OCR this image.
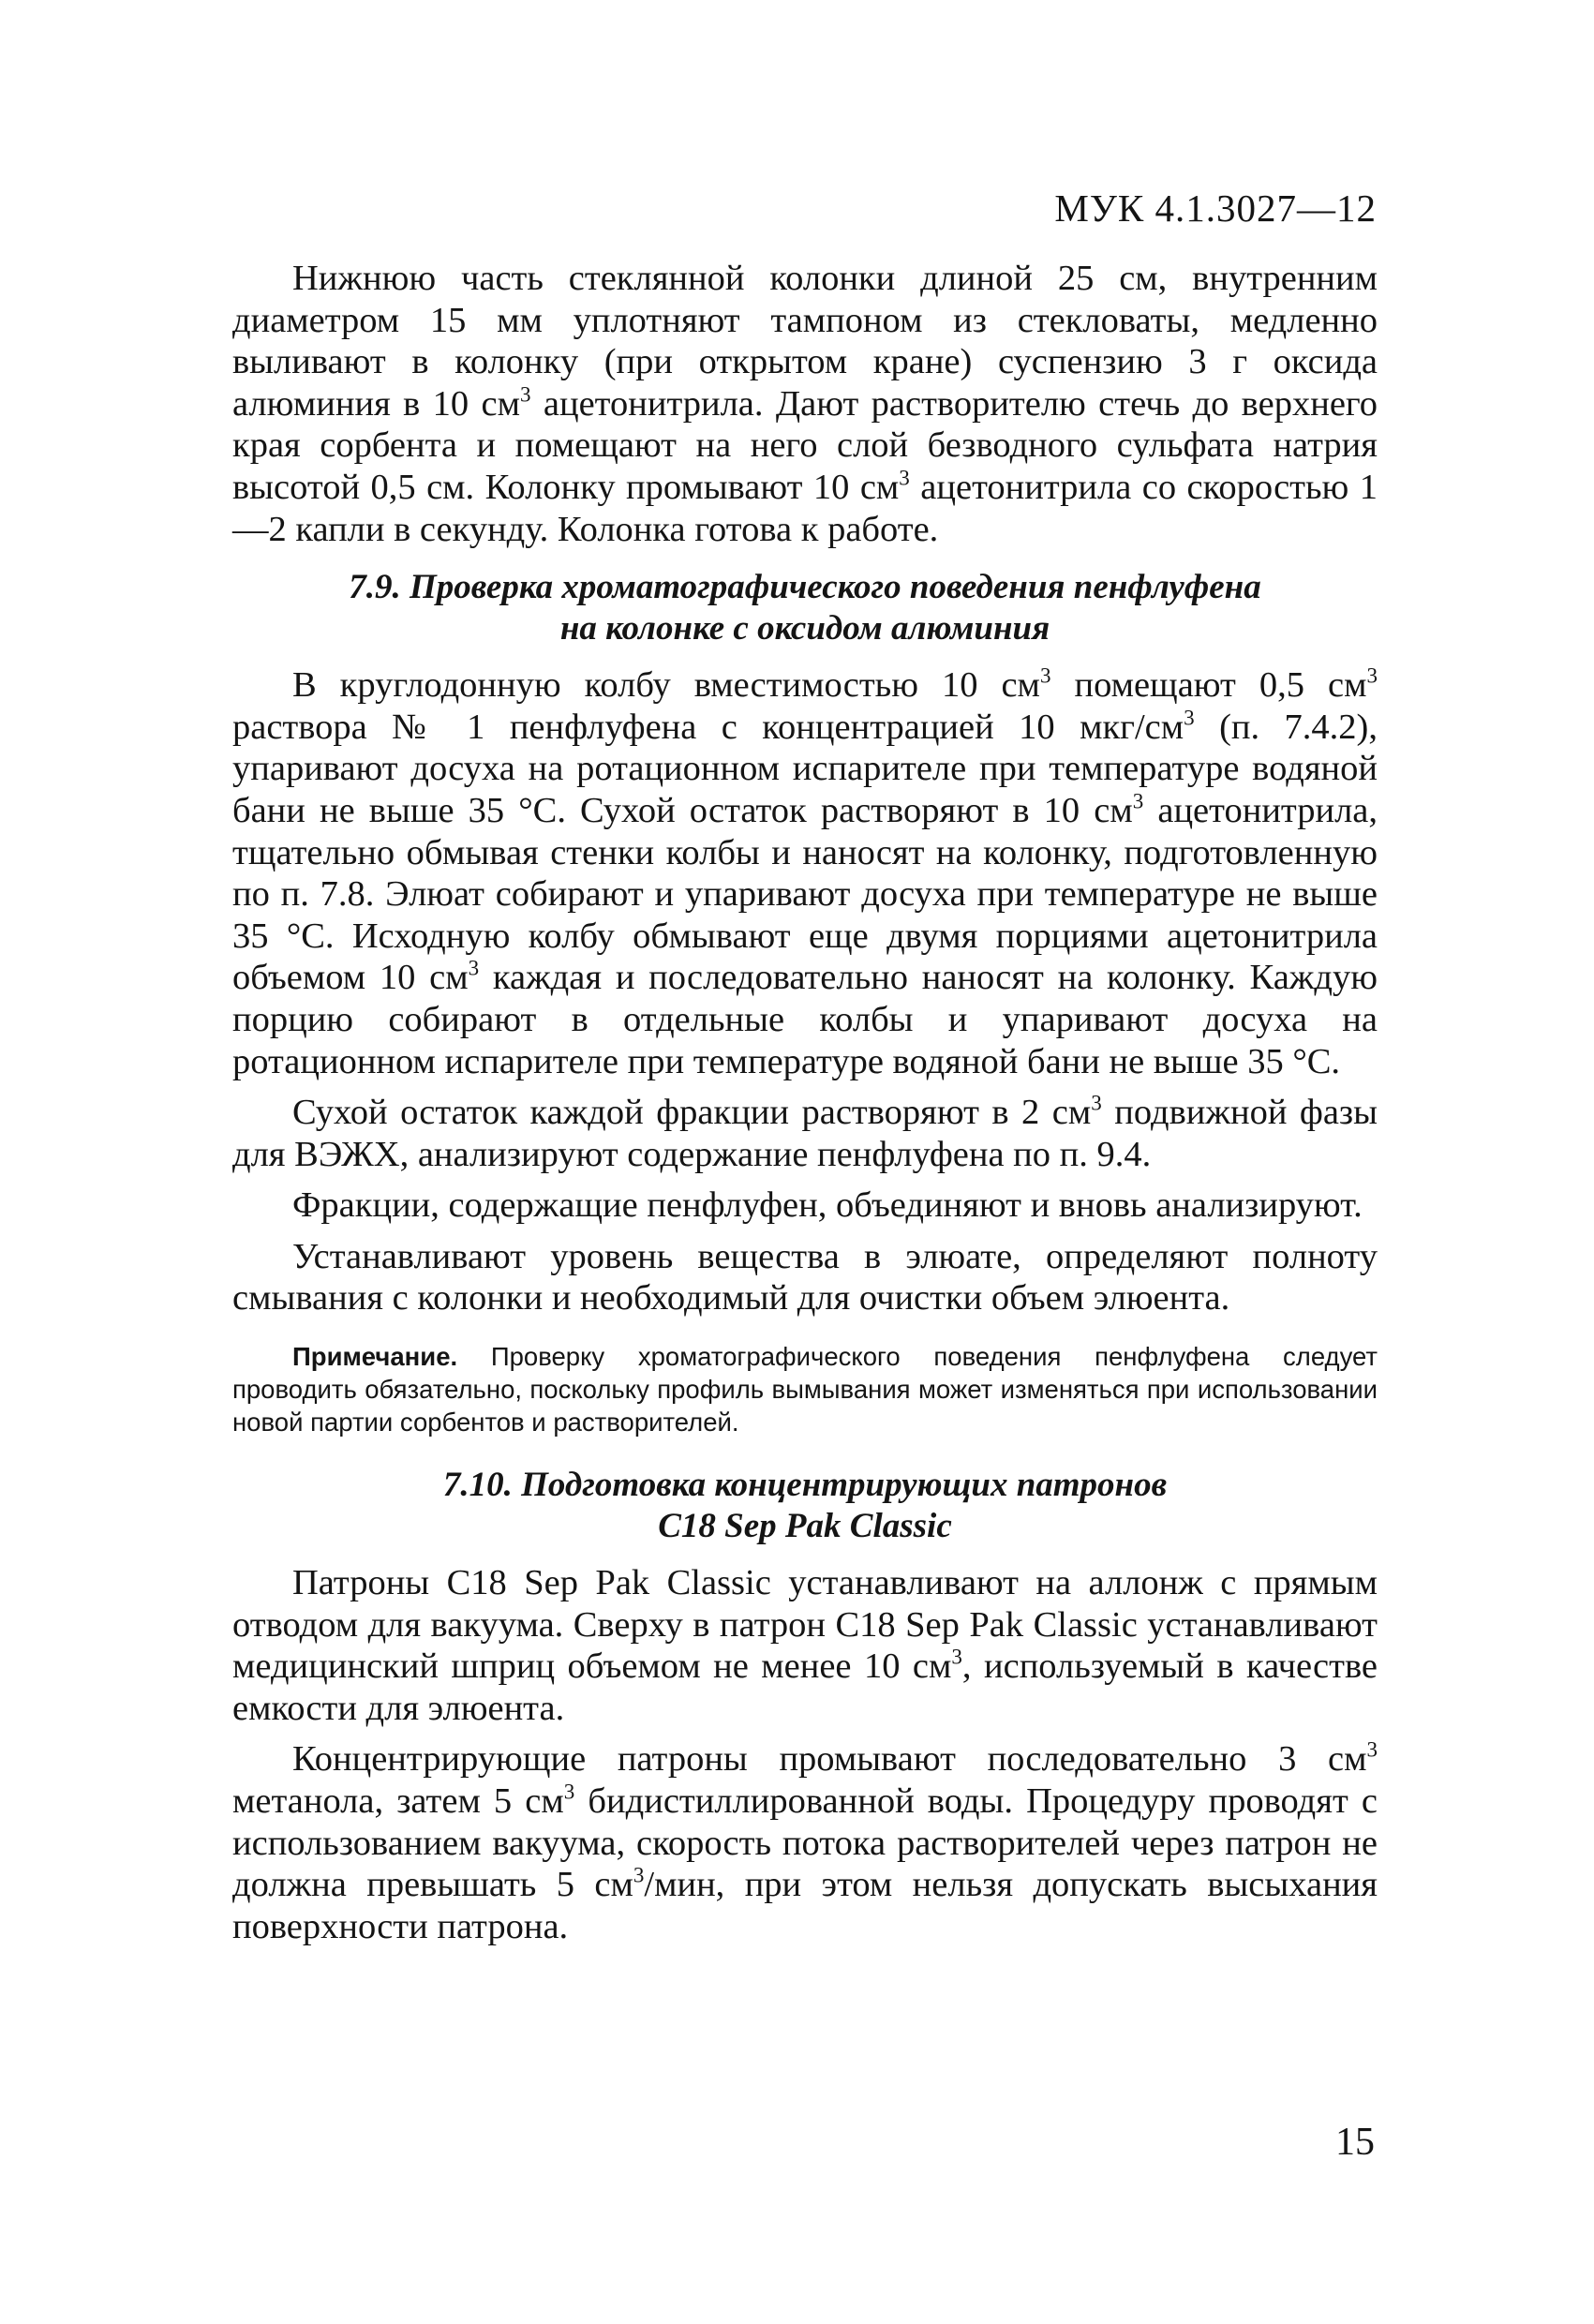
МУК 4.1.3027—12

Нижнюю часть стеклянной колонки длиной 25 см, внутренним диаметром 15 мм уплотняют тампоном из стекловаты, медленно выливают в колонку (при открытом кране) суспензию 3 г оксида алюминия в 10 $см^3$ ацетонитрила. Дают растворителю стечь до верхнего края сорбента и помещают на него слой безводного сульфата натрия высотой 0,5 см. Колонку промывают 10 $см^3$ ацетонитрила со скоростью 1—2 капли в секунду. Колонка готова к работе.

7.9. Проверка хроматографического поведения пенфлуфена

на колонке с оксидом алюминия

В круглодонную колбу вместимостью 10 $см^3$ помещают 0,5 $см^3$ раствора № 1 пенфлуфена с концентрацией 10 мкг/$см^3$ (п. 7.4.2), упаривают досуха на ротационном испарителе при температуре водяной бани не выше 35 °С. Сухой остаток растворяют в 10 $см^3$ ацетонитрила, тщательно обмывая стенки колбы и наносят на колонку, подготовленную по п. 7.8. Элюат собирают и упаривают досуха при температуре не выше 35 °С. Исходную колбу обмывают еще двумя порциями ацетонитрила объемом 10 $см^3$ каждая и последовательно наносят на колонку. Каждую порцию собирают в отдельные колбы и упаривают досуха на ротационном испарителе при температуре водяной бани не выше 35 °С.

Сухой остаток каждой фракции растворяют в 2 $см^3$ подвижной фазы для ВЭЖХ, анализируют содержание пенфлуфена по п. 9.4.

Фракции, содержащие пенфлуфен, объединяют и вновь анализируют.

Устанавливают уровень вещества в элюате, определяют полноту смывания с колонки и необходимый для очистки объем элюента.

Примечание. Проверку хроматографического поведения пенфлуфена следует проводить обязательно, поскольку профиль вымывания может изменяться при использовании новой партии сорбентов и растворителей.

7.10. Подготовка концентрирующих патронов

С18 Sep Pak Classic

Патроны С18 Sep Pak Classic устанавливают на аллонж с прямым отводом для вакуума. Сверху в патрон С18 Sep Pak Classic устанавливают медицинский шприц объемом не менее 10 $см^3$, используемый в качестве емкости для элюента.

Концентрирующие патроны промывают последовательно 3 $см^3$ метанола, затем 5 $см^3$ бидистиллированной воды. Процедуру проводят с использованием вакуума, скорость потока растворителей через патрон не должна превышать 5 $см^3$/мин, при этом нельзя допускать высыхания поверхности патрона.

15
